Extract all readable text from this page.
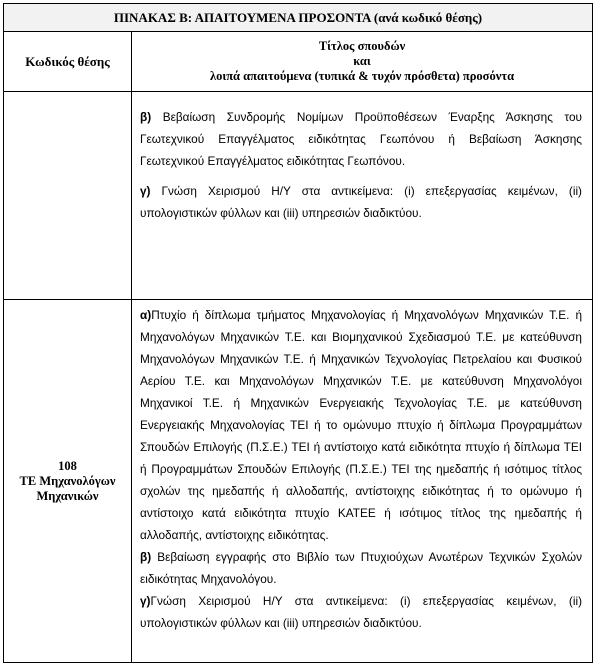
ΠΙΝΑΚΑΣ Β: ΑΠΑΙΤΟΥΜΕΝΑ ΠΡΟΣΟΝΤΑ (ανά κωδικό θέσης)
Κωδικός θέσης
Τίτλος σπουδών
και
λοιπά απαιτούμενα (τυπικά & τυχόν πρόσθετα) προσόντα

β) Βεβαίωση Συνδρομής Νομίμων Προϋποθέσεων Έναρξης Άσκησης του Γεωτεχνικού Επαγγέλματος ειδικότητας Γεωπόνου ή Βεβαίωση Άσκησης Γεωτεχνικού Επαγγέλματος ειδικότητας Γεωπόνου.

γ) Γνώση Χειρισμού Η/Υ στα αντικείμενα: (i) επεξεργασίας κειμένων, (ii) υπολογιστικών φύλλων και (iii) υπηρεσιών διαδικτύου.

108
ΤΕ Μηχανολόγων
Μηχανικών

α)Πτυχίο ή δίπλωμα τμήματος Μηχανολογίας ή Μηχανολόγων Μηχανικών Τ.Ε. ή Μηχανολόγων Μηχανικών Τ.Ε. και Βιομηχανικού Σχεδιασμού Τ.Ε. με κατεύθυνση Μηχανολόγων Μηχανικών Τ.Ε. ή Μηχανικών Τεχνολογίας Πετρελαίου και Φυσικού Αερίου Τ.Ε. και Μηχανολόγων Μηχανικών Τ.Ε. με κατεύθυνση Μηχανολόγοι Μηχανικοί Τ.Ε. ή Μηχανικών Ενεργειακής Τεχνολογίας Τ.Ε. με κατεύθυνση Ενεργειακής Μηχανολογίας ΤΕΙ ή το ομώνυμο πτυχίο ή δίπλωμα Προγραμμάτων Σπουδών Επιλογής (Π.Σ.Ε.) ΤΕΙ ή αντίστοιχο κατά ειδικότητα πτυχίο ή δίπλωμα ΤΕΙ ή Προγραμμάτων Σπουδών Επιλογής (Π.Σ.Ε.) ΤΕΙ της ημεδαπής ή ισότιμος τίτλος σχολών της ημεδαπής ή αλλοδαπής, αντίστοιχης ειδικότητας ή το ομώνυμο ή αντίστοιχο κατά ειδικότητα πτυχίο ΚΑΤΕΕ ή ισότιμος τίτλος της ημεδαπής ή αλλοδαπής, αντίστοιχης ειδικότητας.

β) Βεβαίωση εγγραφής στο Βιβλίο των Πτυχιούχων Ανωτέρων Τεχνικών Σχολών ειδικότητας Μηχανολόγου.

γ)Γνώση Χειρισμού Η/Υ στα αντικείμενα: (i) επεξεργασίας κειμένων, (ii) υπολογιστικών φύλλων και (iii) υπηρεσιών διαδικτύου.
